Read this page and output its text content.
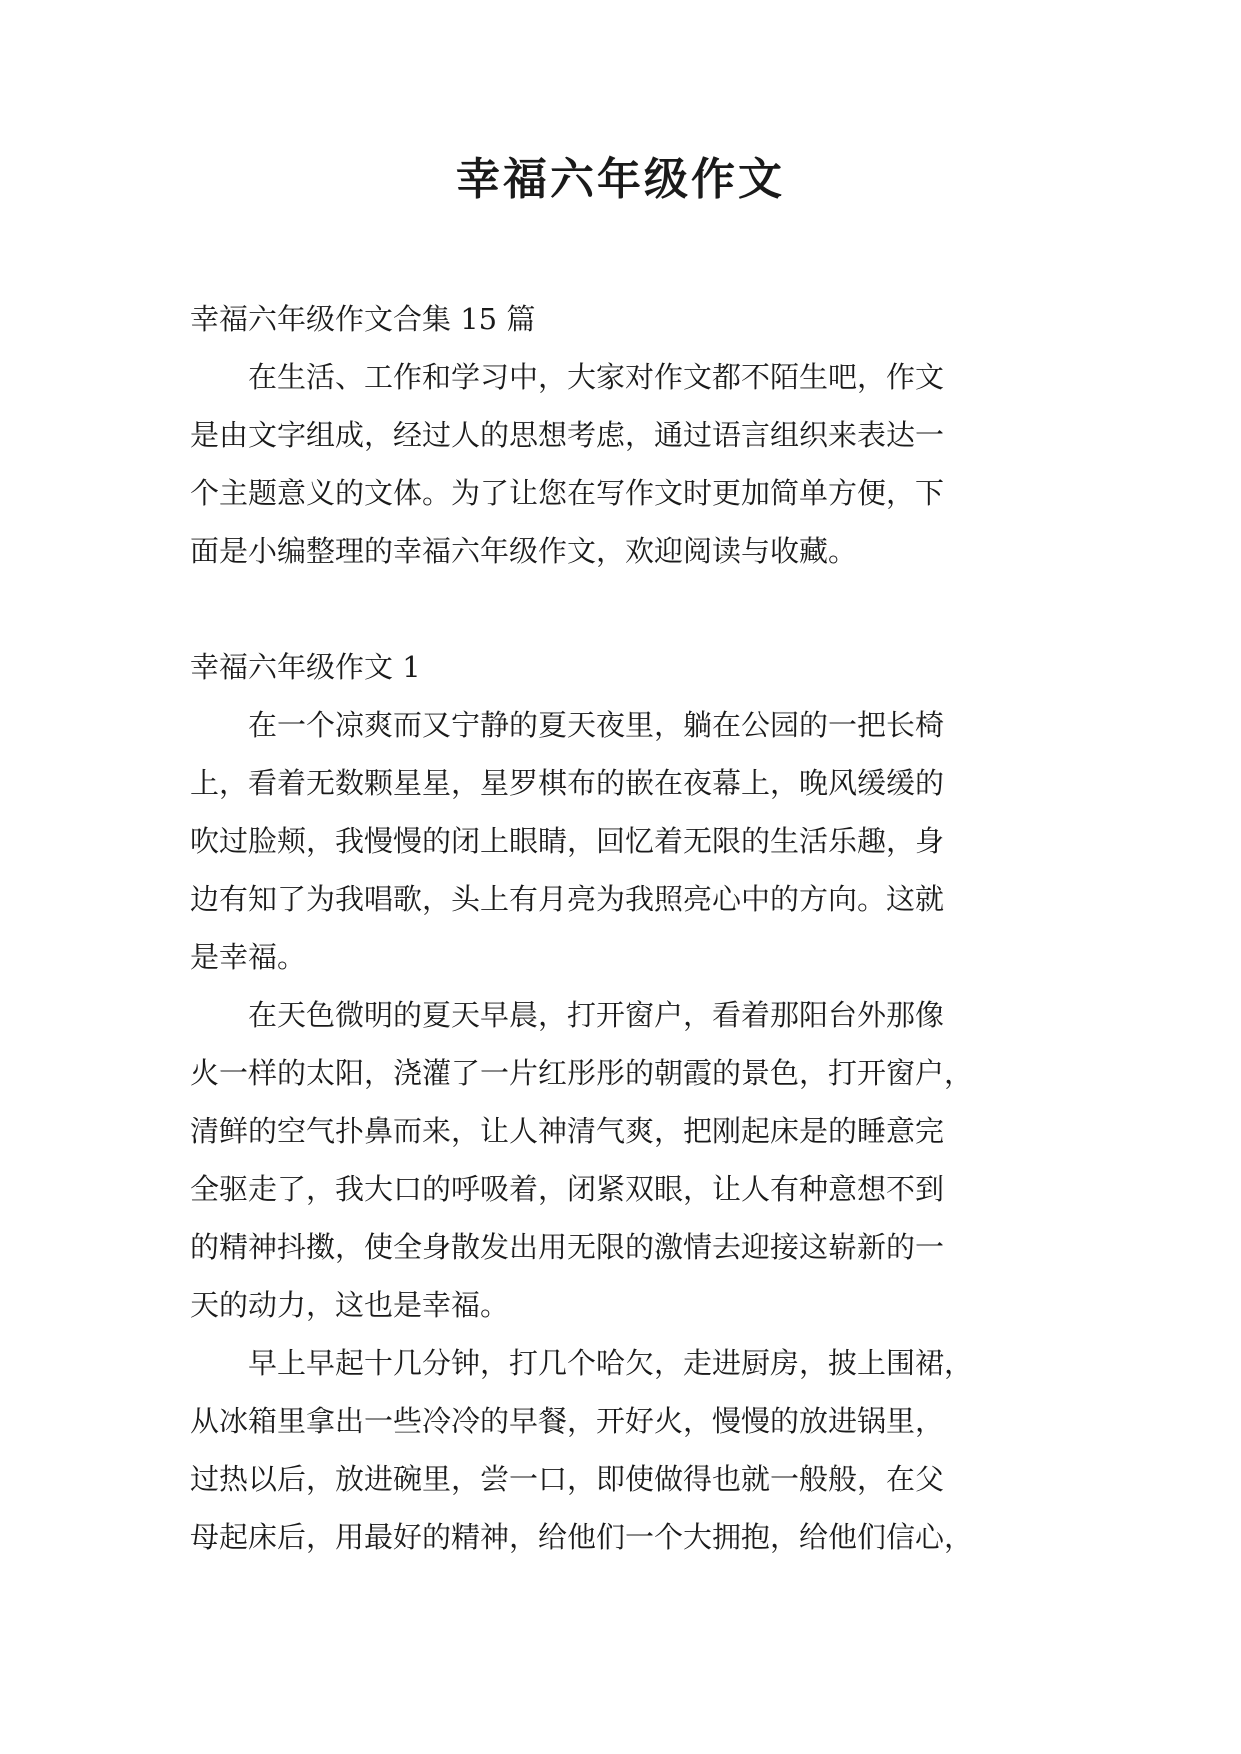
幸福六年级作文
幸福六年级作文合集 15 篇
　　在生活、工作和学习中，大家对作文都不陌生吧，作文
是由文字组成，经过人的思想考虑，通过语言组织来表达一
个主题意义的文体。为了让您在写作文时更加简单方便，下
面是小编整理的幸福六年级作文，欢迎阅读与收藏。
幸福六年级作文 1
　　在一个凉爽而又宁静的夏天夜里，躺在公园的一把长椅
上，看着无数颗星星，星罗棋布的嵌在夜幕上，晚风缓缓的
吹过脸颊，我慢慢的闭上眼睛，回忆着无限的生活乐趣，身
边有知了为我唱歌，头上有月亮为我照亮心中的方向。这就
是幸福。
　　在天色微明的夏天早晨，打开窗户，看着那阳台外那像
火一样的太阳，浇灌了一片红彤彤的朝霞的景色，打开窗户，
清鲜的空气扑鼻而来，让人神清气爽，把刚起床是的睡意完
全驱走了，我大口的呼吸着，闭紧双眼，让人有种意想不到
的精神抖擞，使全身散发出用无限的激情去迎接这崭新的一
天的动力，这也是幸福。
　　早上早起十几分钟，打几个哈欠，走进厨房，披上围裙，
从冰箱里拿出一些冷冷的早餐，开好火，慢慢的放进锅里，
过热以后，放进碗里，尝一口，即使做得也就一般般，在父
母起床后，用最好的精神，给他们一个大拥抱，给他们信心，
